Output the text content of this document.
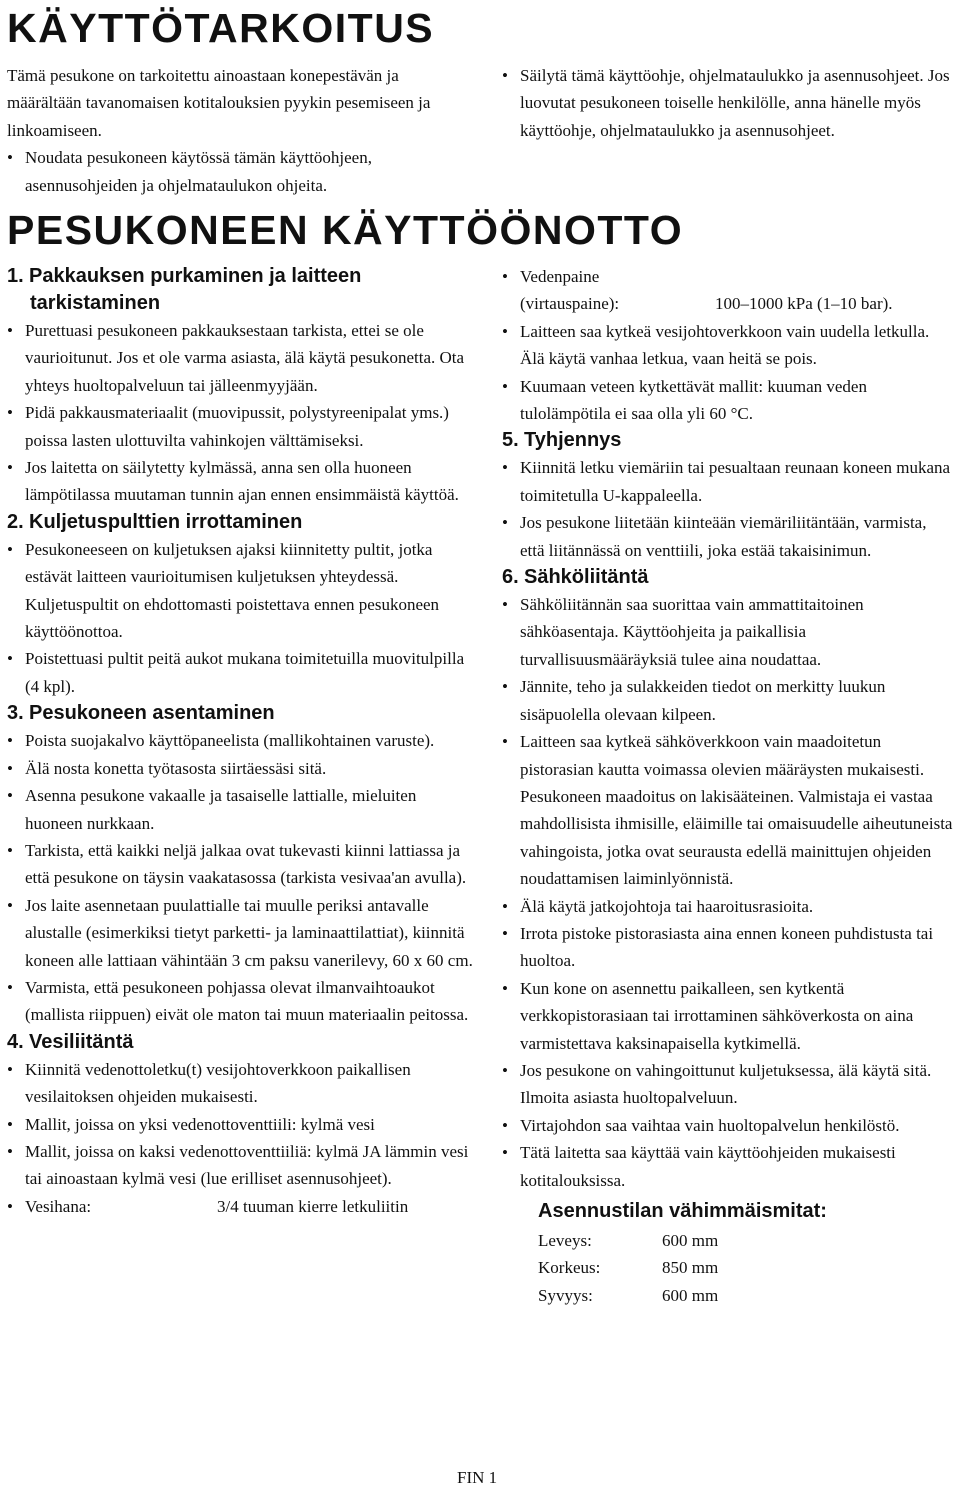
KÄYTTÖTARKOITUS

Tämä pesukone on tarkoitettu ainoastaan konepestävän ja määrältään tavanomaisen kotitalouksien pyykin pesemiseen ja linkoamiseen.

• Noudata pesukoneen käytössä tämän käyttöohjeen, asennusohjeiden ja ohjelmataulukon ohjeita.
• Säilytä tämä käyttöohje, ohjelmataulukko ja asennusohjeet. Jos luovutat pesukoneen toiselle henkilölle, anna hänelle myös käyttöohje, ohjelmataulukko ja asennusohjeet.
PESUKONEEN KÄYTTÖÖNOTTO
1. Pakkauksen purkaminen ja laitteen
tarkistaminen
• Purettuasi pesukoneen pakkauksestaan tarkista, ettei se ole vaurioitunut. Jos et ole varma asiasta, älä käytä pesukonetta. Ota yhteys huoltopalveluun tai jälleenmyyjään.
• Pidä pakkausmateriaalit (muovipussit, polystyreenipalat yms.) poissa lasten ulottuvilta vahinkojen välttämiseksi.
• Jos laitetta on säilytetty kylmässä, anna sen olla huoneen lämpötilassa muutaman tunnin ajan ennen ensimmäistä käyttöä.
2. Kuljetuspulttien irrottaminen
• Pesukoneeseen on kuljetuksen ajaksi kiinnitetty pultit, jotka estävät laitteen vaurioitumisen kuljetuksen yhteydessä. Kuljetuspultit on ehdottomasti poistettava ennen pesukoneen käyttöönottoa.
• Poistettuasi pultit peitä aukot mukana toimitetuilla muovitulpilla (4 kpl).
3. Pesukoneen asentaminen
• Poista suojakalvo käyttöpaneelista (mallikohtainen varuste).
• Älä nosta konetta työtasosta siirtäessäsi sitä.
• Asenna pesukone vakaalle ja tasaiselle lattialle, mieluiten huoneen nurkkaan.
• Tarkista, että kaikki neljä jalkaa ovat tukevasti kiinni lattiassa ja että pesukone on täysin vaakatasossa (tarkista vesivaa'an avulla).
• Jos laite asennetaan puulattialle tai muulle periksi antavalle alustalle (esimerkiksi tietyt parketti- ja laminaattilattiat), kiinnitä koneen alle lattiaan vähintään 3 cm paksu vanerilevy, 60 x 60 cm.
• Varmista, että pesukoneen pohjassa olevat ilmanvaihtoaukot (mallista riippuen) eivät ole maton tai muun materiaalin peitossa.
4. Vesiliitäntä
• Kiinnitä vedenottoletku(t) vesijohtoverkkoon paikallisen vesilaitoksen ohjeiden mukaisesti.
• Mallit, joissa on yksi vedenottoventtiili: kylmä vesi
• Mallit, joissa on kaksi vedenottoventtiiliä: kylmä JA lämmin vesi tai ainoastaan kylmä vesi (lue erilliset asennusohjeet).
• Vesihana:	3/4 tuuman kierre letkuliitin
• Vedenpaine
(virtauspaine):	100–1000 kPa (1–10 bar).
• Laitteen saa kytkeä vesijohtoverkkoon vain uudella letkulla. Älä käytä vanhaa letkua, vaan heitä se pois.
• Kuumaan veteen kytkettävät mallit: kuuman veden tulolämpötila ei saa olla yli 60 °C.
5. Tyhjennys
• Kiinnitä letku viemäriin tai pesualtaan reunaan koneen mukana toimitetulla U-kappaleella.
• Jos pesukone liitetään kiinteään viemäriliitäntään, varmista, että liitännässä on venttiili, joka estää takaisinimun.
6. Sähköliitäntä
• Sähköliitännän saa suorittaa vain ammattitaitoinen sähköasentaja. Käyttöohjeita ja paikallisia turvallisuusmääräyksiä tulee aina noudattaa.
• Jännite, teho ja sulakkeiden tiedot on merkitty luukun sisäpuolella olevaan kilpeen.
• Laitteen saa kytkeä sähköverkkoon vain maadoitetun pistorasian kautta voimassa olevien määräysten mukaisesti. Pesukoneen maadoitus on lakisääteinen. Valmistaja ei vastaa mahdollisista ihmisille, eläimille tai omaisuudelle aiheutuneista vahingoista, jotka ovat seurausta edellä mainittujen ohjeiden noudattamisen laiminlyönnistä.
• Älä käytä jatkojohtoja tai haaroitusrasioita.
• Irrota pistoke pistorasiasta aina ennen koneen puhdistusta tai huoltoa.
• Kun kone on asennettu paikalleen, sen kytkentä verkkopistorasiaan tai irrottaminen sähköverkosta on aina varmistettava kaksinapaisella kytkimellä.
• Jos pesukone on vahingoittunut kuljetuksessa, älä käytä sitä. Ilmoita asiasta huoltopalveluun.
• Virtajohdon saa vaihtaa vain huoltopalvelun henkilöstö.
• Tätä laitetta saa käyttää vain käyttöohjeiden mukaisesti kotitalouksissa.
Asennustilan vähimmäismitat:
Leveys:	600 mm
Korkeus:	850 mm
Syvyys:	600 mm
FIN 1
